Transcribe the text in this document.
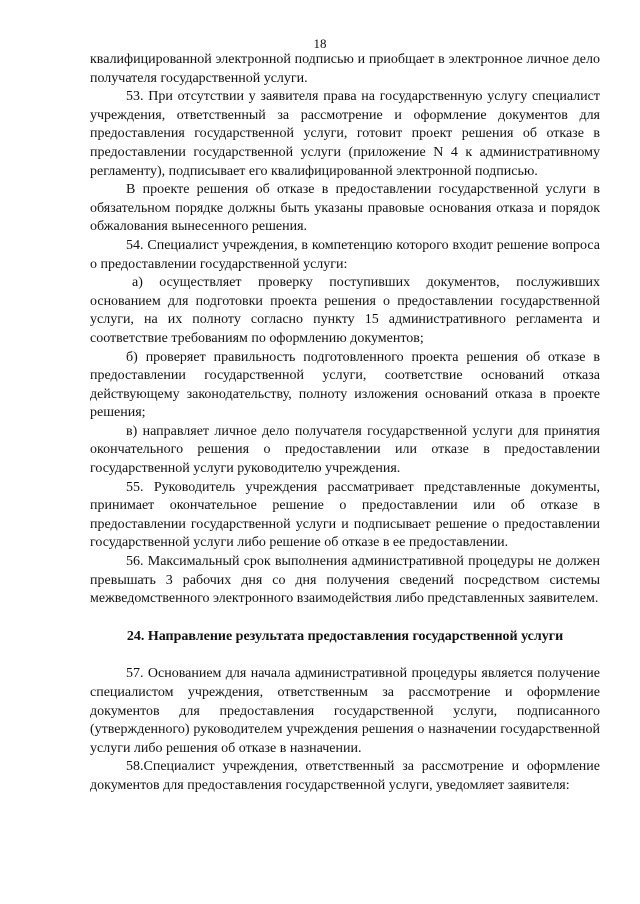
18

квалифицированной электронной подписью и приобщает в электронное личное дело получателя государственной услуги.

53. При отсутствии у заявителя права на государственную услугу специалист учреждения, ответственный за рассмотрение и оформление документов для предоставления государственной услуги, готовит проект решения об отказе в предоставлении государственной услуги (приложение N 4 к административному регламенту), подписывает его квалифицированной электронной подписью.

В проекте решения об отказе в предоставлении государственной услуги в обязательном порядке должны быть указаны правовые основания отказа и порядок обжалования вынесенного решения.

54. Специалист учреждения, в компетенцию которого входит решение вопроса о предоставлении государственной услуги:

а) осуществляет проверку поступивших документов, послуживших основанием для подготовки проекта решения о предоставлении государственной услуги, на их полноту согласно пункту 15 административного регламента и соответствие требованиям по оформлению документов;

б) проверяет правильность подготовленного проекта решения об отказе в предоставлении государственной услуги, соответствие оснований отказа действующему законодательству, полноту изложения оснований отказа в проекте решения;

в) направляет личное дело получателя государственной услуги для принятия окончательного решения о предоставлении или отказе в предоставлении государственной услуги руководителю учреждения.

55. Руководитель учреждения рассматривает представленные документы, принимает окончательное решение о предоставлении или об отказе в предоставлении государственной услуги и подписывает решение о предоставлении государственной услуги либо решение об отказе в ее предоставлении.

56. Максимальный срок выполнения административной процедуры не должен превышать 3 рабочих дня со дня получения сведений посредством системы межведомственного электронного взаимодействия либо представленных заявителем.

24. Направление результата предоставления государственной услуги

57. Основанием для начала административной процедуры является получение специалистом учреждения, ответственным за рассмотрение и оформление документов для предоставления государственной услуги, подписанного (утвержденного) руководителем учреждения решения о назначении государственной услуги либо решения об отказе в назначении.

58.Специалист учреждения, ответственный за рассмотрение и оформление документов для предоставления государственной услуги, уведомляет заявителя:
